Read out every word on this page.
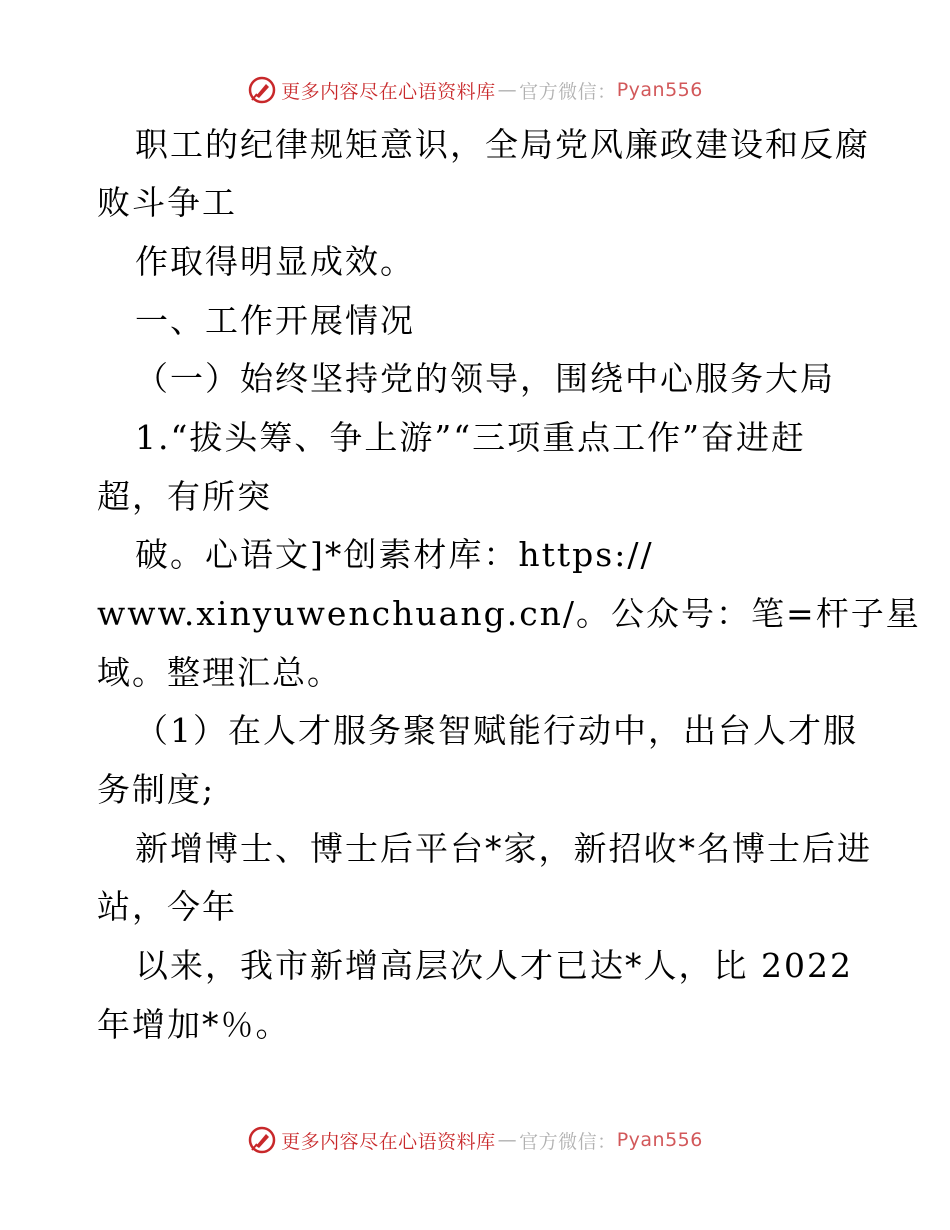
更多内容尽在心语资料库 — 官方微信： Pyan556
职工的纪律规矩意识，全局党风廉政建设和反腐
败斗争工
作取得明显成效。
一、工作开展情况
（一）始终坚持党的领导，围绕中心服务大局
1.“拔头筹、争上游”“三项重点工作”奋进赶
超，有所突
破。心语文]*创素材库：https://
www.xinyuwenchuang.cn/。公众号：笔=杆子星
域。整理汇总。
（1）在人才服务聚智赋能行动中，出台人才服
务制度;
新增博士、博士后平台*家，新招收*名博士后进
站，今年
以来，我市新增高层次人才已达*人，比 2022
年增加*％。
更多内容尽在心语资料库 — 官方微信： Pyan556
